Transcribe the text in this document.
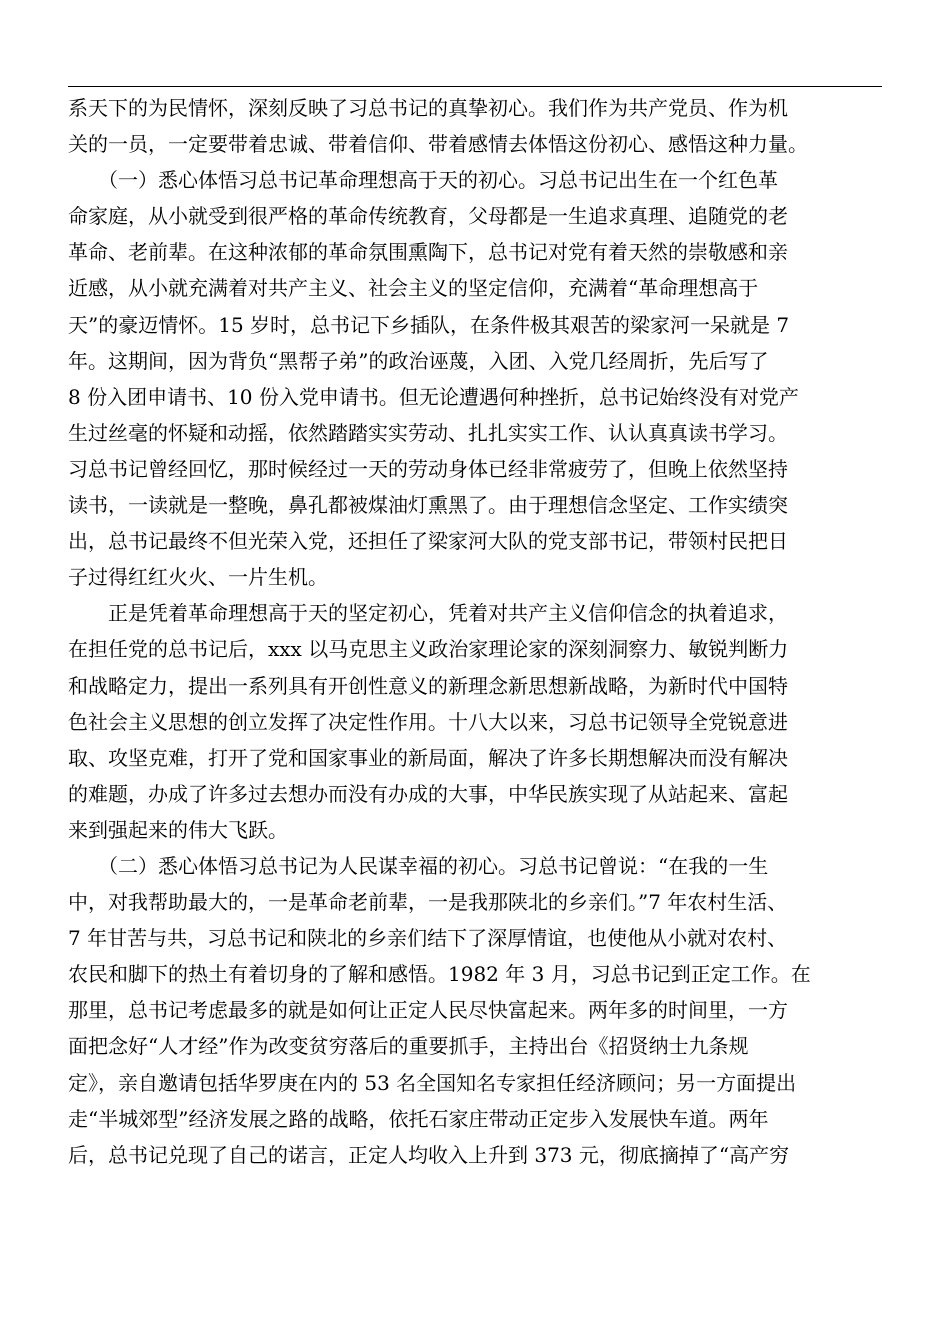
系天下的为民情怀，深刻反映了习总书记的真挚初心。我们作为共产党员、作为机
关的一员，一定要带着忠诚、带着信仰、带着感情去体悟这份初心、感悟这种力量。
　　（一）悉心体悟习总书记革命理想高于天的初心。习总书记出生在一个红色革
命家庭，从小就受到很严格的革命传统教育，父母都是一生追求真理、追随党的老
革命、老前辈。在这种浓郁的革命氛围熏陶下，总书记对党有着天然的崇敬感和亲
近感，从小就充满着对共产主义、社会主义的坚定信仰，充满着“革命理想高于
天”的豪迈情怀。15 岁时，总书记下乡插队，在条件极其艰苦的梁家河一呆就是 7
年。这期间，因为背负“黑帮子弟”的政治诬蔑，入团、入党几经周折，先后写了
8 份入团申请书、10 份入党申请书。但无论遭遇何种挫折，总书记始终没有对党产
生过丝毫的怀疑和动摇，依然踏踏实实劳动、扎扎实实工作、认认真真读书学习。
习总书记曾经回忆，那时候经过一天的劳动身体已经非常疲劳了，但晚上依然坚持
读书，一读就是一整晚，鼻孔都被煤油灯熏黑了。由于理想信念坚定、工作实绩突
出，总书记最终不但光荣入党，还担任了梁家河大队的党支部书记，带领村民把日
子过得红红火火、一片生机。
　　正是凭着革命理想高于天的坚定初心，凭着对共产主义信仰信念的执着追求，
在担任党的总书记后，xxx 以马克思主义政治家理论家的深刻洞察力、敏锐判断力
和战略定力，提出一系列具有开创性意义的新理念新思想新战略，为新时代中国特
色社会主义思想的创立发挥了决定性作用。十八大以来，习总书记领导全党锐意进
取、攻坚克难，打开了党和国家事业的新局面，解决了许多长期想解决而没有解决
的难题，办成了许多过去想办而没有办成的大事，中华民族实现了从站起来、富起
来到强起来的伟大飞跃。
　　（二）悉心体悟习总书记为人民谋幸福的初心。习总书记曾说：“在我的一生
中，对我帮助最大的，一是革命老前辈，一是我那陕北的乡亲们。”7 年农村生活、
7 年甘苦与共，习总书记和陕北的乡亲们结下了深厚情谊，也使他从小就对农村、
农民和脚下的热土有着切身的了解和感悟。1982 年 3 月，习总书记到正定工作。在
那里，总书记考虑最多的就是如何让正定人民尽快富起来。两年多的时间里，一方
面把念好“人才经”作为改变贫穷落后的重要抓手，主持出台《招贤纳士九条规
定》，亲自邀请包括华罗庚在内的 53 名全国知名专家担任经济顾问；另一方面提出
走“半城郊型”经济发展之路的战略，依托石家庄带动正定步入发展快车道。两年
后，总书记兑现了自己的诺言，正定人均收入上升到 373 元，彻底摘掉了“高产穷
